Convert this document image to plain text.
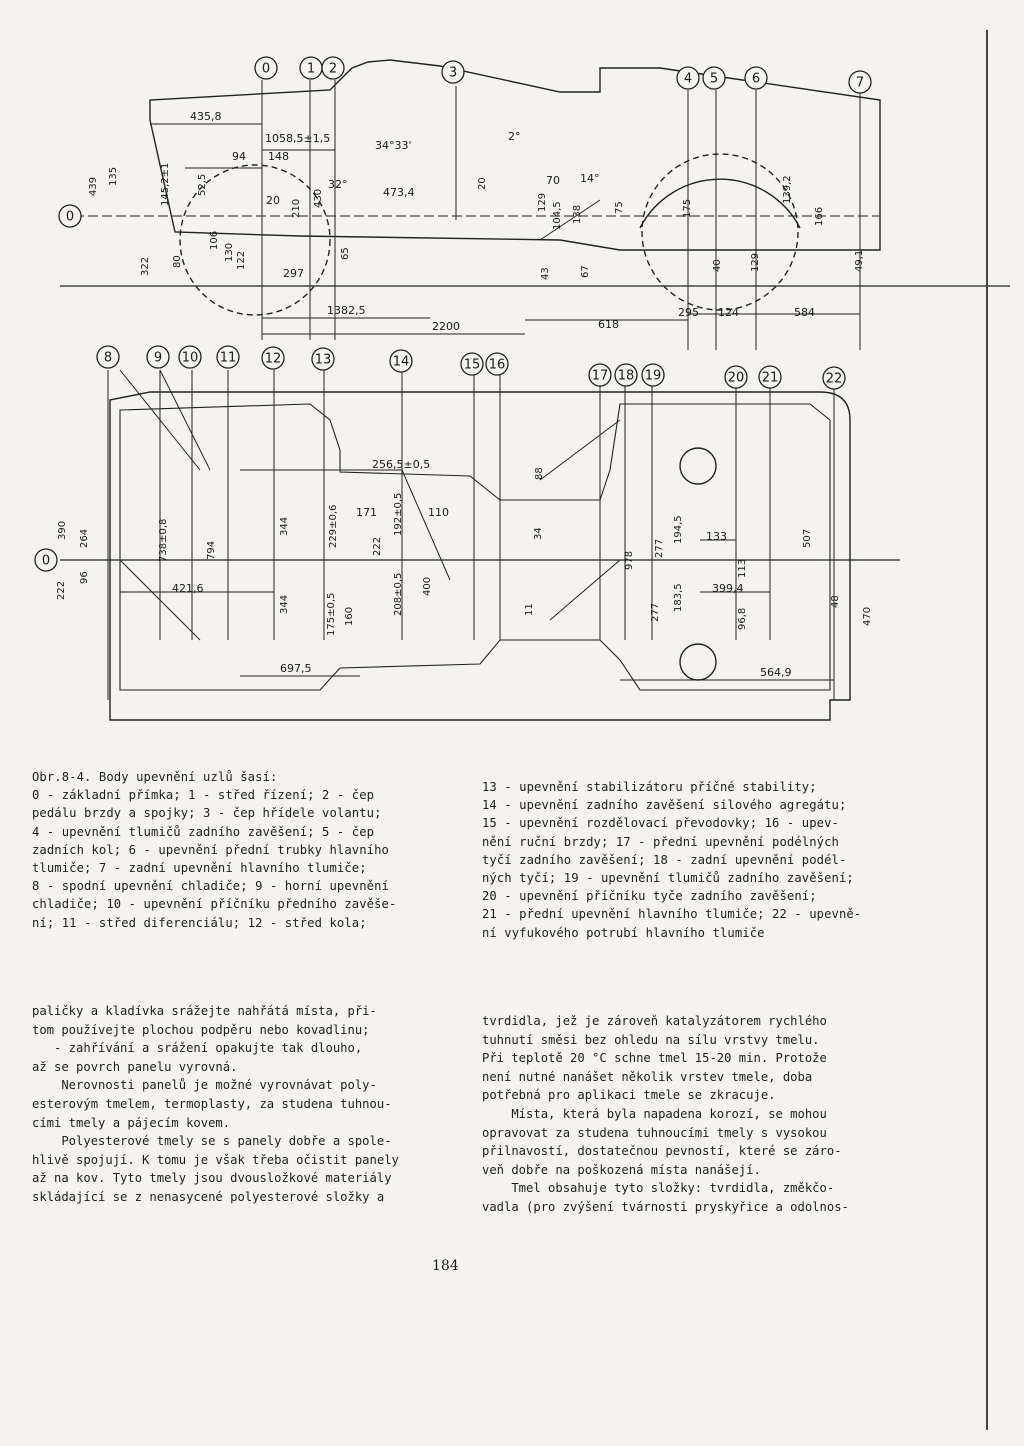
0	1 2	3	4 5	6	7
8	9 10 11 12	13	14	15 16
17 18 19	20 21	22
0
0
435,8
1058,5±1,5
94 148
20
297
1382,5
2200	618
295 124	584
2°
70 14°
34°33'
473,4
32°
439
135	145,2±1	52,5
322 80
106
130 122	65
210
430
20
129 104,5 138	75
43	67
175
40
139,2
129
166
49,1
256,5±0,5
421,6
697,5
133
399,4
564,9
110
171
390 264
222
96
738±0,8	794
344
344
229±0,6	192±0,5
222
208±0,5 400
175±0,5 160
88
978
277
194,5
277
183,5
507
113
96,8
48
470
34
11

Obr.8-4. Body upevnění uzlů šasí:

0 - základní přímka; 1 - střed řízení; 2 - čep

pedálu brzdy a spojky; 3 - čep hřídele volantu;

4 - upevnění tlumičů zadního zavěšení; 5 - čep

zadních kol; 6 - upevnění přední trubky hlavního

tlumiče; 7 - zadní upevnění hlavního tlumiče;

8 - spodní upevnění chladiče; 9 - horní upevnění

chladiče; 10 - upevnění příčníku předního zavěše-

ní; 11 - střed diferenciálu; 12 - střed kola;

13 - upevnění stabilizátoru příčné stability;

14 - upevnění zadního zavěšení silového agregátu;

15 - upevnění rozdělovací převodovky; 16 - upev-

nění ruční brzdy; 17 - přední upevnění podélných

tyčí zadního zavěšení; 18 - zadní upevnění podél-

ných tyčí; 19 - upevnění tlumičů zadního zavěšení;

20 - upevnění příčníku tyče zadního zavěšení;

21 - přední upevnění hlavního tlumiče; 22 - upevně-

ní vyfukového potrubí hlavního tlumiče

paličky a kladívka srážejte nahřátá místa, při-

tom používejte plochou podpěru nebo kovadlinu;

- zahřívání a srážení opakujte tak dlouho,

až se povrch panelu vyrovná.

Nerovnosti panelů je možné vyrovnávat poly-

esterovým tmelem, termoplasty, za studena tuhnou-

cími tmely a pájecím kovem.

Polyesterové tmely se s panely dobře a spole-

hlivě spojují. K tomu je však třeba očistit panely

až na kov. Tyto tmely jsou dvousložkové materiály

skládající se z nenasycené polyesterové složky a

tvrdidla, jež je zároveň katalyzátorem rychlého

tuhnutí směsi bez ohledu na sílu vrstvy tmelu.

Při teplotě 20 °C schne tmel 15-20 min. Protože

není nutné nanášet několik vrstev tmele, doba

potřebná pro aplikaci tmele se zkracuje.

Místa, která byla napadena korozí, se mohou

opravovat za studena tuhnoucími tmely s vysokou

přilnavostí, dostatečnou pevností, které se záro-

veň dobře na poškozená místa nanášejí.

Tmel obsahuje tyto složky: tvrdidla, změkčo-

vadla (pro zvýšení tvárnosti pryskyřice a odolnos-

184
